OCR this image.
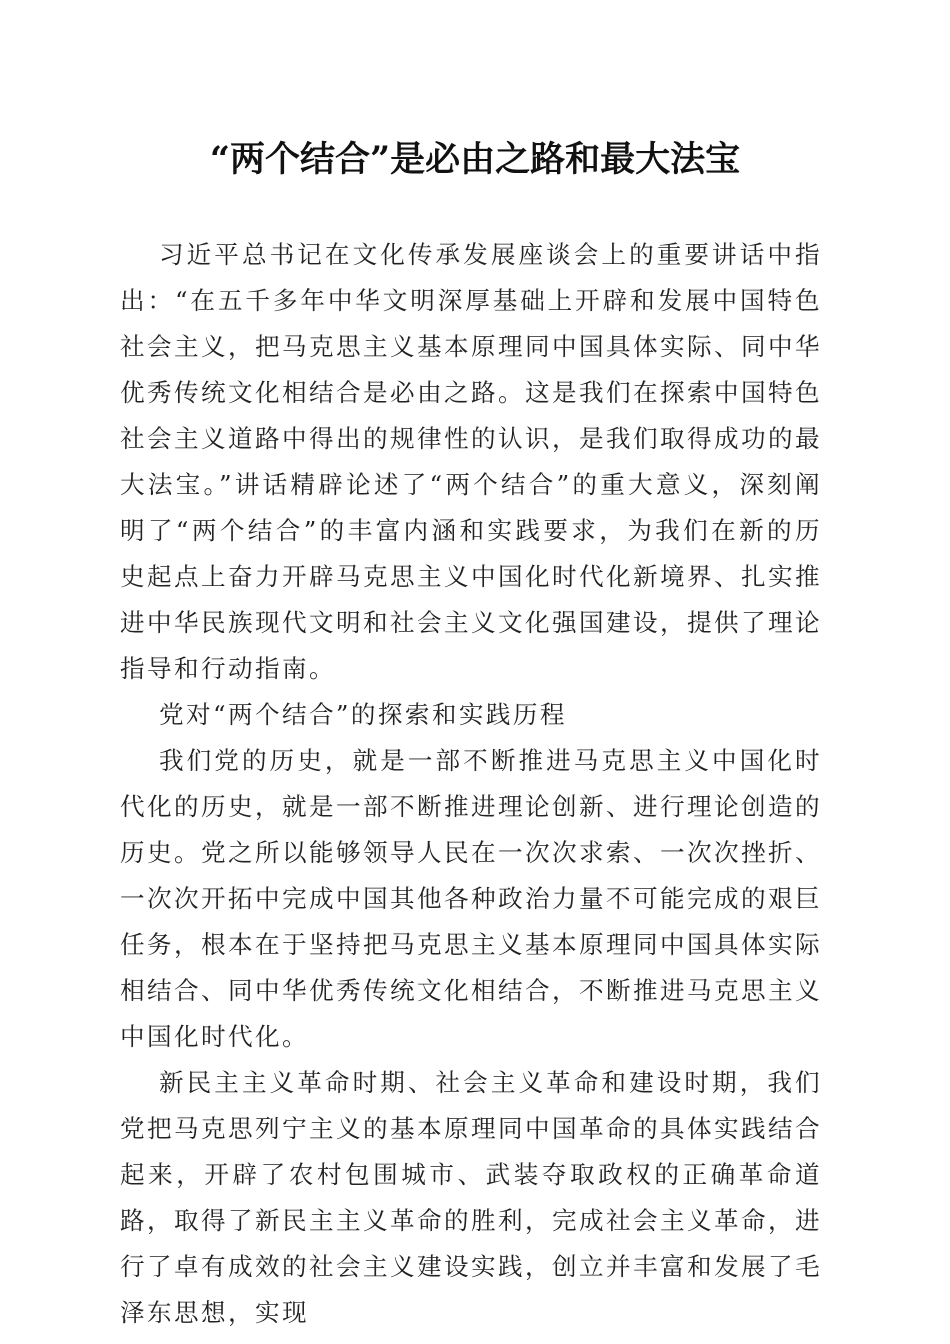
“两个结合”是必由之路和最大法宝

习近平总书记在文化传承发展座谈会上的重要讲话中指出：“在五千多年中华文明深厚基础上开辟和发展中国特色社会主义，把马克思主义基本原理同中国具体实际、同中华优秀传统文化相结合是必由之路。这是我们在探索中国特色社会主义道路中得出的规律性的认识，是我们取得成功的最大法宝。”讲话精辟论述了“两个结合”的重大意义，深刻阐明了“两个结合”的丰富内涵和实践要求，为我们在新的历史起点上奋力开辟马克思主义中国化时代化新境界、扎实推进中华民族现代文明和社会主义文化强国建设，提供了理论指导和行动指南。

党对“两个结合”的探索和实践历程

我们党的历史，就是一部不断推进马克思主义中国化时代化的历史，就是一部不断推进理论创新、进行理论创造的历史。党之所以能够领导人民在一次次求索、一次次挫折、一次次开拓中完成中国其他各种政治力量不可能完成的艰巨任务，根本在于坚持把马克思主义基本原理同中国具体实际相结合、同中华优秀传统文化相结合，不断推进马克思主义中国化时代化。

新民主主义革命时期、社会主义革命和建设时期，我们党把马克思列宁主义的基本原理同中国革命的具体实践结合起来，开辟了农村包围城市、武装夺取政权的正确革命道路，取得了新民主主义革命的胜利，完成社会主义革命，进行了卓有成效的社会主义建设实践，创立并丰富和发展了毛泽东思想，实现
